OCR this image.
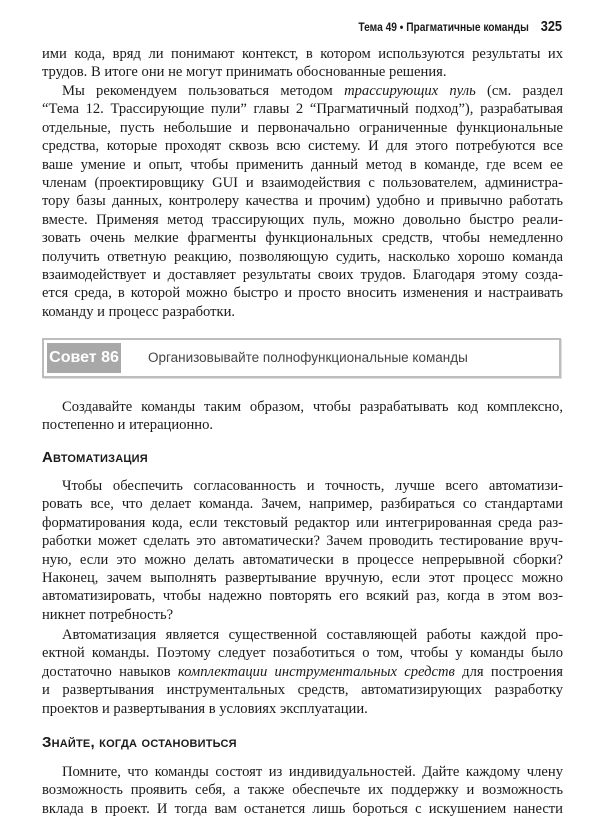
Тема 49 • Прагматичные команды 325
ими кода, вряд ли понимают контекст, в котором используются результаты их
трудов. В итоге они не могут принимать обоснованные решения.
Мы рекомендуем пользоваться методом трассирующих пуль (см. раздел
“Тема 12. Трассирующие пули” главы 2 “Прагматичный подход”), разрабатывая
отдельные, пусть небольшие и первоначально ограниченные функциональные
средства, которые проходят сквозь всю систему. И для этого потребуются все
ваше умение и опыт, чтобы применить данный метод в команде, где всем ее
членам (проектировщику GUI и взаимодействия с пользователем, администра-
тору базы данных, контролеру качества и прочим) удобно и привычно работать
вместе. Применяя метод трассирующих пуль, можно довольно быстро реали-
зовать очень мелкие фрагменты функциональных средств, чтобы немедленно
получить ответную реакцию, позволяющую судить, насколько хорошо команда
взаимодействует и доставляет результаты своих трудов. Благодаря этому созда-
ется среда, в которой можно быстро и просто вносить изменения и настраивать
команду и процесс разработки.
Совет 86 Организовывайте полнофункциональные команды
Создавайте команды таким образом, чтобы разрабатывать код комплексно,
постепенно и итерационно.
Автоматизация
Чтобы обеспечить согласованность и точность, лучше всего автоматизи-
ровать все, что делает команда. Зачем, например, разбираться со стандартами
форматирования кода, если текстовый редактор или интегрированная среда раз-
работки может сделать это автоматически? Зачем проводить тестирование вруч-
ную, если это можно делать автоматически в процессе непрерывной сборки?
Наконец, зачем выполнять развертывание вручную, если этот процесс можно
автоматизировать, чтобы надежно повторять его всякий раз, когда в этом воз-
никнет потребность?
Автоматизация является существенной составляющей работы каждой про-
ектной команды. Поэтому следует позаботиться о том, чтобы у команды было
достаточно навыков комплектации инструментальных средств для построения
и развертывания инструментальных средств, автоматизирующих разработку
проектов и развертывания в условиях эксплуатации.
Знайте, когда остановиться
Помните, что команды состоят из индивидуальностей. Дайте каждому члену
возможность проявить себя, а также обеспечьте их поддержку и возможность
вклада в проект. И тогда вам останется лишь бороться с искушением нанести
